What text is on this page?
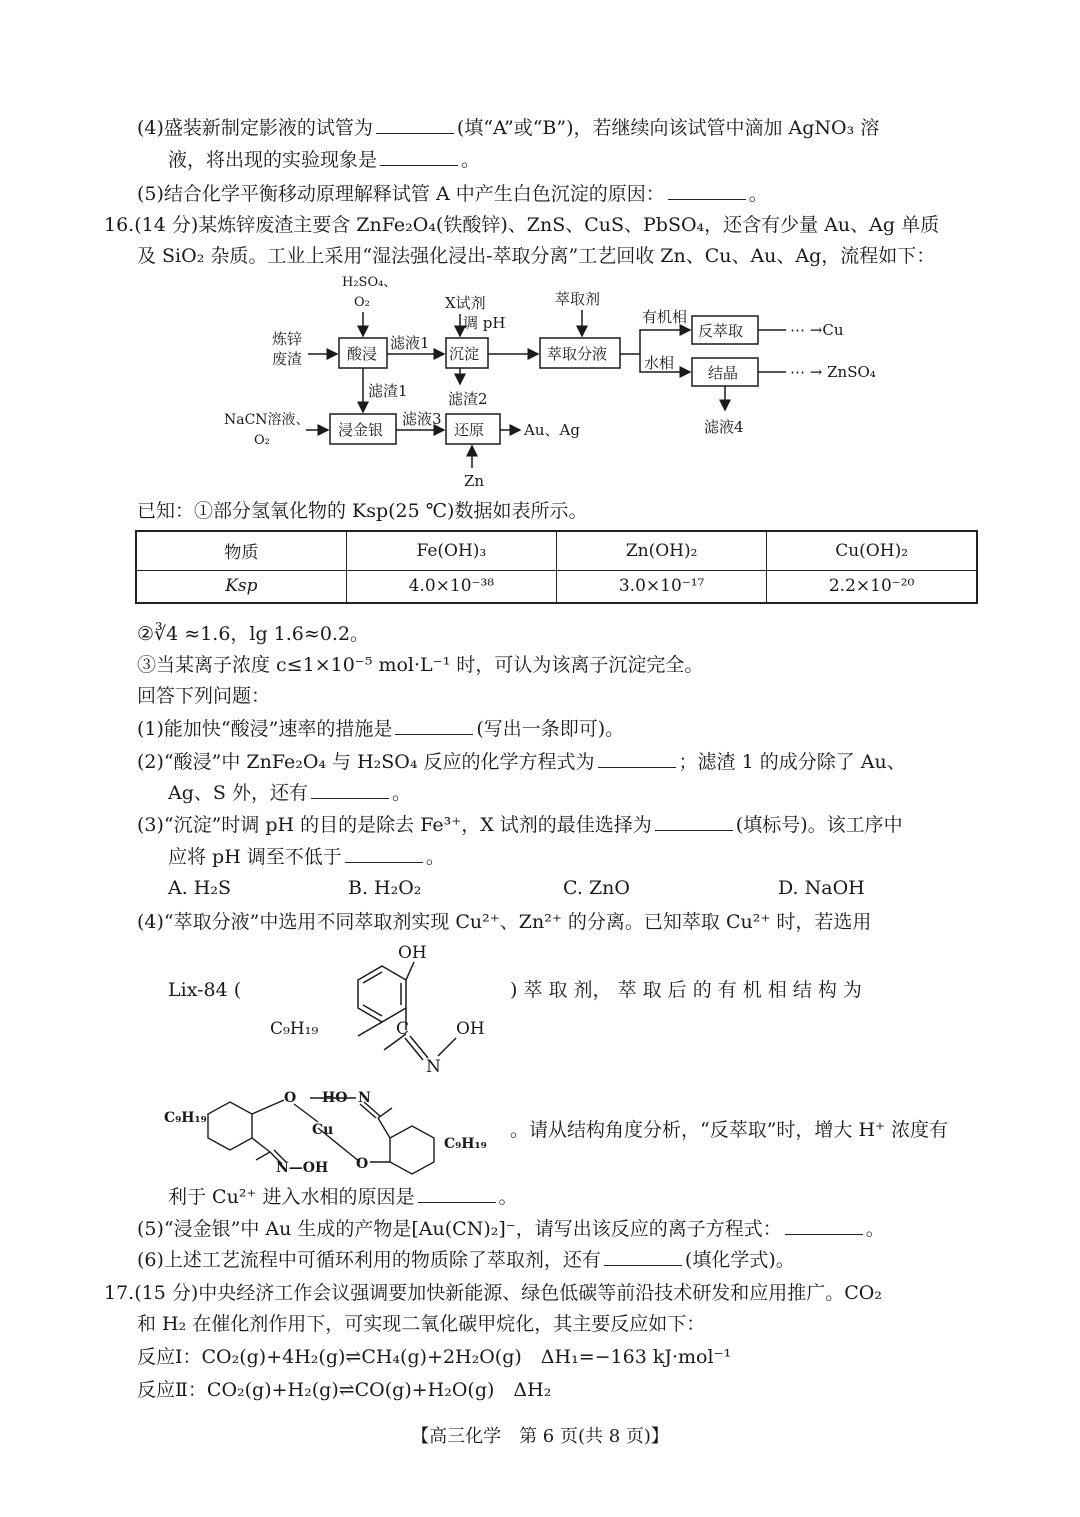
(4)盛装新制定影液的试管为	(填“A”或“B”)，若继续向该试管中滴加 AgNO₃ 溶
液，将出现的实验现象是	。
(5)结合化学平衡移动原理解释试管 A 中产生白色沉淀的原因：	。
16.(14 分)某炼锌废渣主要含 ZnFe₂O₄(铁酸锌)、ZnS、CuS、PbSO₄，还含有少量 Au、Ag 单质
及 SiO₂ 杂质。工业上采用“湿法强化浸出-萃取分离”工艺回收 Zn、Cu、Au、Ag，流程如下：
炼锌
废渣
H₂SO₄、
O₂
酸浸
滤液1
X试剂
调 pH
沉淀
萃取剂
萃取分液
有机相
水相
反萃取	⋯ →Cu
结晶	⋯ → ZnSO₄
滤液4
滤渣1	滤渣2
NaCN溶液、
O₂
浸金银
滤液3
还原	Au、Ag
Zn
已知：①部分氢氧化物的 Ksp(25 ℃)数据如表所示。
物质	Fe(OH)₃	Zn(OH)₂	Cu(OH)₂
Ksp	4.0×10⁻³⁸	3.0×10⁻¹⁷	2.2×10⁻²⁰
②∛4 ≈1.6，lg 1.6≈0.2。
③当某离子浓度 c≤1×10⁻⁵ mol·L⁻¹ 时，可认为该离子沉淀完全。
回答下列问题：
(1)能加快“酸浸”速率的措施是	(写出一条即可)。
(2)“酸浸”中 ZnFe₂O₄ 与 H₂SO₄ 反应的化学方程式为	；滤渣 1 的成分除了 Au、
Ag、S 外，还有	。
(3)“沉淀”时调 pH 的目的是除去 Fe³⁺，X 试剂的最佳选择为	(填标号)。该工序中
应将 pH 调至不低于	。
A. H₂S	B. H₂O₂	C. ZnO	D. NaOH
(4)“萃取分液”中选用不同萃取剂实现 Cu²⁺、Zn²⁺ 的分离。已知萃取 Cu²⁺ 时，若选用
Lix-84 (	) 萃 取 剂， 萃 取 后 的 有 机 相 结 构 为
OH
C₉H₁₉	C
N
OH
C₉H₁₉
O HO N
Cu
N—OH O
C₉H₁₉
。请从结构角度分析，“反萃取”时，增大 H⁺ 浓度有
利于 Cu²⁺ 进入水相的原因是	。
(5)“浸金银”中 Au 生成的产物是[Au(CN)₂]⁻，请写出该反应的离子方程式：	。
(6)上述工艺流程中可循环利用的物质除了萃取剂，还有	(填化学式)。
17.(15 分)中央经济工作会议强调要加快新能源、绿色低碳等前沿技术研发和应用推广。CO₂
和 H₂ 在催化剂作用下，可实现二氧化碳甲烷化，其主要反应如下：
反应Ⅰ：CO₂(g)+4H₂(g)⇌CH₄(g)+2H₂O(g)　ΔH₁=−163 kJ·mol⁻¹
反应Ⅱ：CO₂(g)+H₂(g)⇌CO(g)+H₂O(g)　ΔH₂
【高三化学　第 6 页(共 8 页)】
